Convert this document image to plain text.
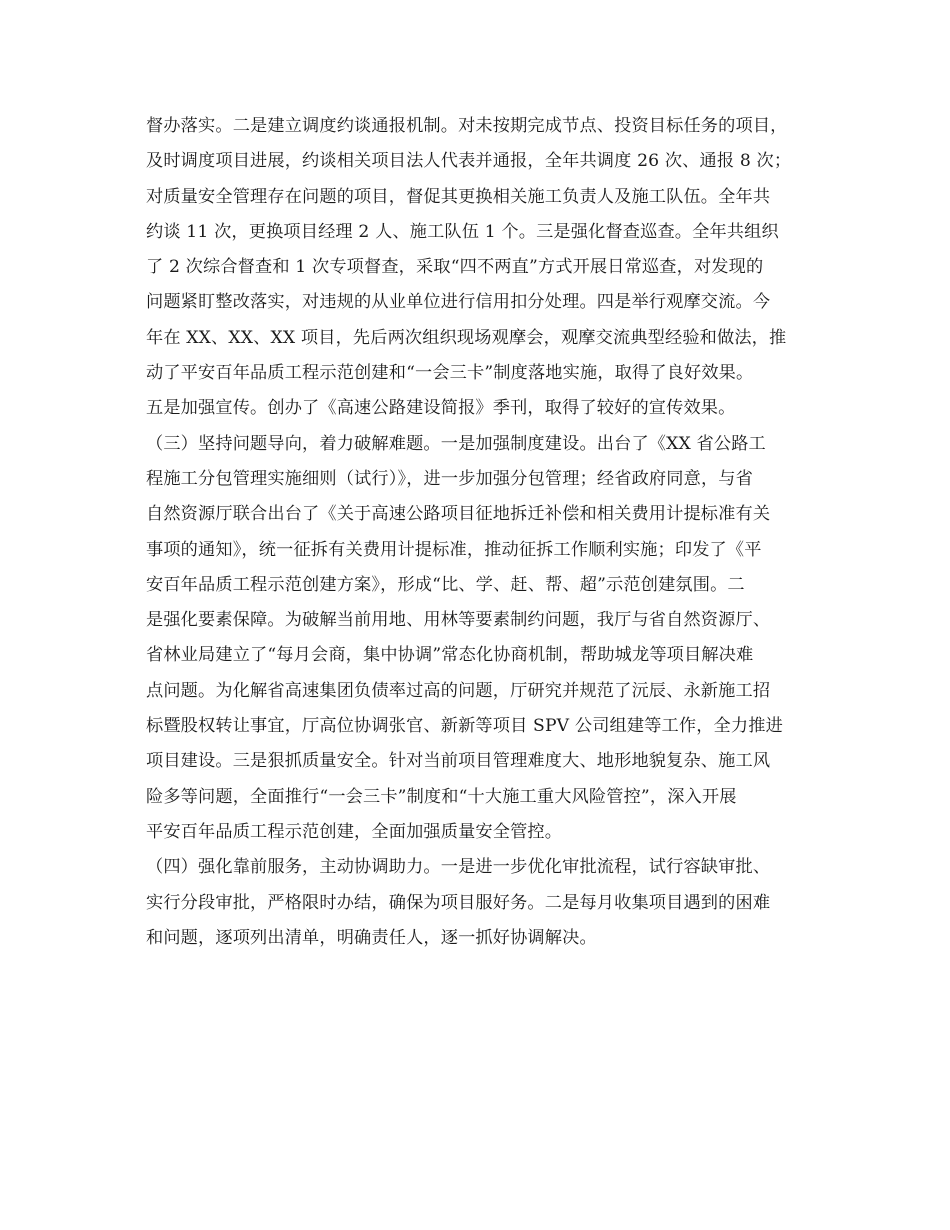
督办落实。二是建立调度约谈通报机制。对未按期完成节点、投资目标任务的项目，
及时调度项目进展，约谈相关项目法人代表并通报，全年共调度 26 次、通报 8 次；
对质量安全管理存在问题的项目，督促其更换相关施工负责人及施工队伍。全年共
约谈 11 次，更换项目经理 2 人、施工队伍 1 个。三是强化督查巡查。全年共组织
了 2 次综合督查和 1 次专项督查，采取“四不两直”方式开展日常巡查，对发现的
问题紧盯整改落实，对违规的从业单位进行信用扣分处理。四是举行观摩交流。今
年在 XX、XX、XX 项目，先后两次组织现场观摩会，观摩交流典型经验和做法，推
动了平安百年品质工程示范创建和“一会三卡”制度落地实施，取得了良好效果。
五是加强宣传。创办了《高速公路建设简报》季刊，取得了较好的宣传效果。
（三）坚持问题导向，着力破解难题。一是加强制度建设。出台了《XX 省公路工
程施工分包管理实施细则（试行）》，进一步加强分包管理；经省政府同意，与省
自然资源厅联合出台了《关于高速公路项目征地拆迁补偿和相关费用计提标准有关
事项的通知》，统一征拆有关费用计提标准，推动征拆工作顺利实施；印发了《平
安百年品质工程示范创建方案》，形成“比、学、赶、帮、超”示范创建氛围。二
是强化要素保障。为破解当前用地、用林等要素制约问题，我厅与省自然资源厅、
省林业局建立了“每月会商，集中协调”常态化协商机制，帮助城龙等项目解决难
点问题。为化解省高速集团负债率过高的问题，厅研究并规范了沅辰、永新施工招
标暨股权转让事宜，厅高位协调张官、新新等项目 SPV 公司组建等工作，全力推进
项目建设。三是狠抓质量安全。针对当前项目管理难度大、地形地貌复杂、施工风
险多等问题，全面推行“一会三卡”制度和“十大施工重大风险管控”，深入开展
平安百年品质工程示范创建，全面加强质量安全管控。
（四）强化靠前服务，主动协调助力。一是进一步优化审批流程，试行容缺审批、
实行分段审批，严格限时办结，确保为项目服好务。二是每月收集项目遇到的困难
和问题，逐项列出清单，明确责任人，逐一抓好协调解决。
